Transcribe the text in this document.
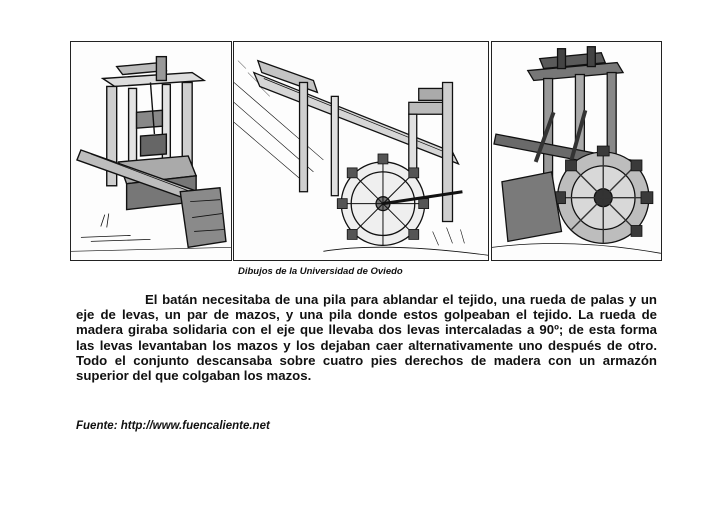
Dibujos de la Universidad de Oviedo

El batán necesitaba de una pila para ablandar el tejido, una rueda de palas y un eje de levas, un par de mazos, y una pila donde estos golpeaban el tejido. La rueda de madera giraba solidaria con el eje que llevaba dos levas intercaladas a 90º; de esta forma las levas levantaban los mazos y los dejaban caer alternativamente uno después de otro. Todo el conjunto descansaba sobre cuatro pies derechos de madera con un armazón superior del que colgaban los mazos.

Fuente: http://www.fuencaliente.net
